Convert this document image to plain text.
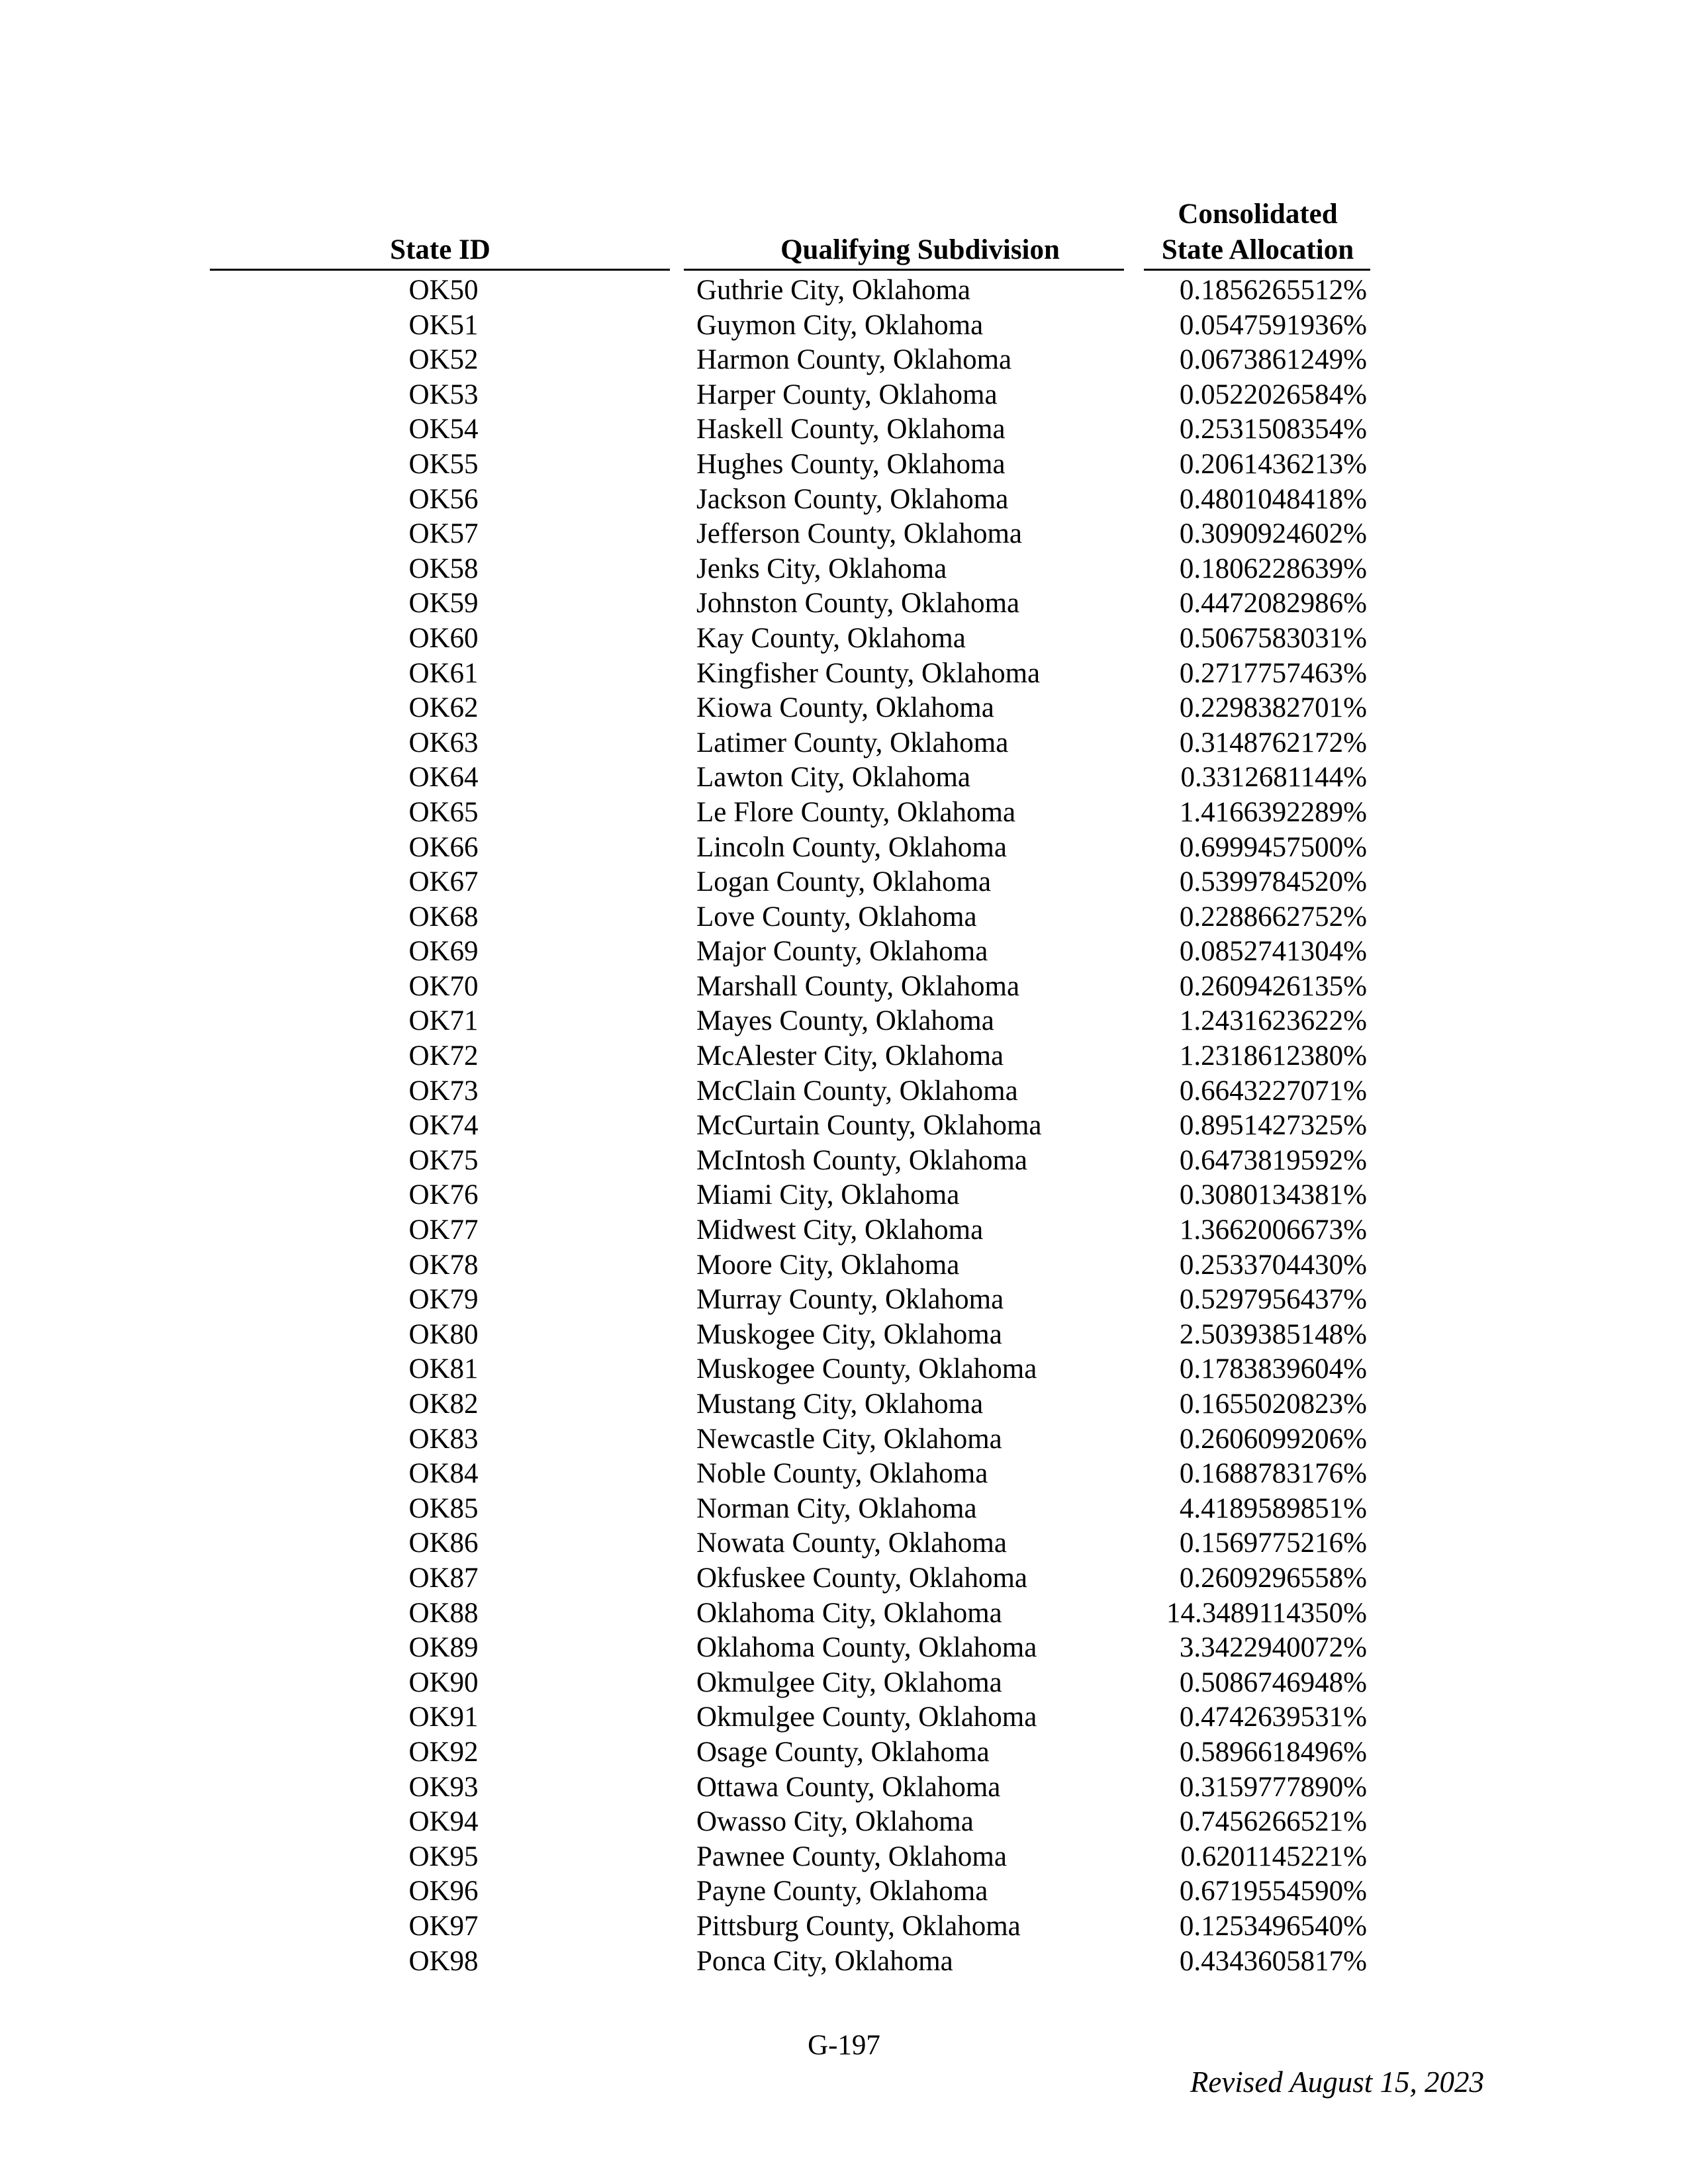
State ID	Qualifying Subdivision
Consolidated
State Allocation
OK50	Guthrie City, Oklahoma	0.1856265512%
OK51	Guymon City, Oklahoma	0.0547591936%
OK52	Harmon County, Oklahoma	0.0673861249%
OK53	Harper County, Oklahoma	0.0522026584%
OK54	Haskell County, Oklahoma	0.2531508354%
OK55	Hughes County, Oklahoma	0.2061436213%
OK56	Jackson County, Oklahoma	0.4801048418%
OK57	Jefferson County, Oklahoma	0.3090924602%
OK58	Jenks City, Oklahoma	0.1806228639%
OK59	Johnston County, Oklahoma	0.4472082986%
OK60	Kay County, Oklahoma	0.5067583031%
OK61	Kingfisher County, Oklahoma	0.2717757463%
OK62	Kiowa County, Oklahoma	0.2298382701%
OK63	Latimer County, Oklahoma	0.3148762172%
OK64	Lawton City, Oklahoma	0.3312681144%
OK65	Le Flore County, Oklahoma	1.4166392289%
OK66	Lincoln County, Oklahoma	0.6999457500%
OK67	Logan County, Oklahoma	0.5399784520%
OK68	Love County, Oklahoma	0.2288662752%
OK69	Major County, Oklahoma	0.0852741304%
OK70	Marshall County, Oklahoma	0.2609426135%
OK71	Mayes County, Oklahoma	1.2431623622%
OK72	McAlester City, Oklahoma	1.2318612380%
OK73	McClain County, Oklahoma	0.6643227071%
OK74	McCurtain County, Oklahoma	0.8951427325%
OK75	McIntosh County, Oklahoma	0.6473819592%
OK76	Miami City, Oklahoma	0.3080134381%
OK77	Midwest City, Oklahoma	1.3662006673%
OK78	Moore City, Oklahoma	0.2533704430%
OK79	Murray County, Oklahoma	0.5297956437%
OK80	Muskogee City, Oklahoma	2.5039385148%
OK81	Muskogee County, Oklahoma	0.1783839604%
OK82	Mustang City, Oklahoma	0.1655020823%
OK83	Newcastle City, Oklahoma	0.2606099206%
OK84	Noble County, Oklahoma	0.1688783176%
OK85	Norman City, Oklahoma	4.4189589851%
OK86	Nowata County, Oklahoma	0.1569775216%
OK87	Okfuskee County, Oklahoma	0.2609296558%
OK88	Oklahoma City, Oklahoma	14.3489114350%
OK89	Oklahoma County, Oklahoma	3.3422940072%
OK90	Okmulgee City, Oklahoma	0.5086746948%
OK91	Okmulgee County, Oklahoma	0.4742639531%
OK92	Osage County, Oklahoma	0.5896618496%
OK93	Ottawa County, Oklahoma	0.3159777890%
OK94	Owasso City, Oklahoma	0.7456266521%
OK95	Pawnee County, Oklahoma	0.6201145221%
OK96	Payne County, Oklahoma	0.6719554590%
OK97	Pittsburg County, Oklahoma	0.1253496540%
OK98	Ponca City, Oklahoma	0.4343605817%
G-197
Revised August 15, 2023
